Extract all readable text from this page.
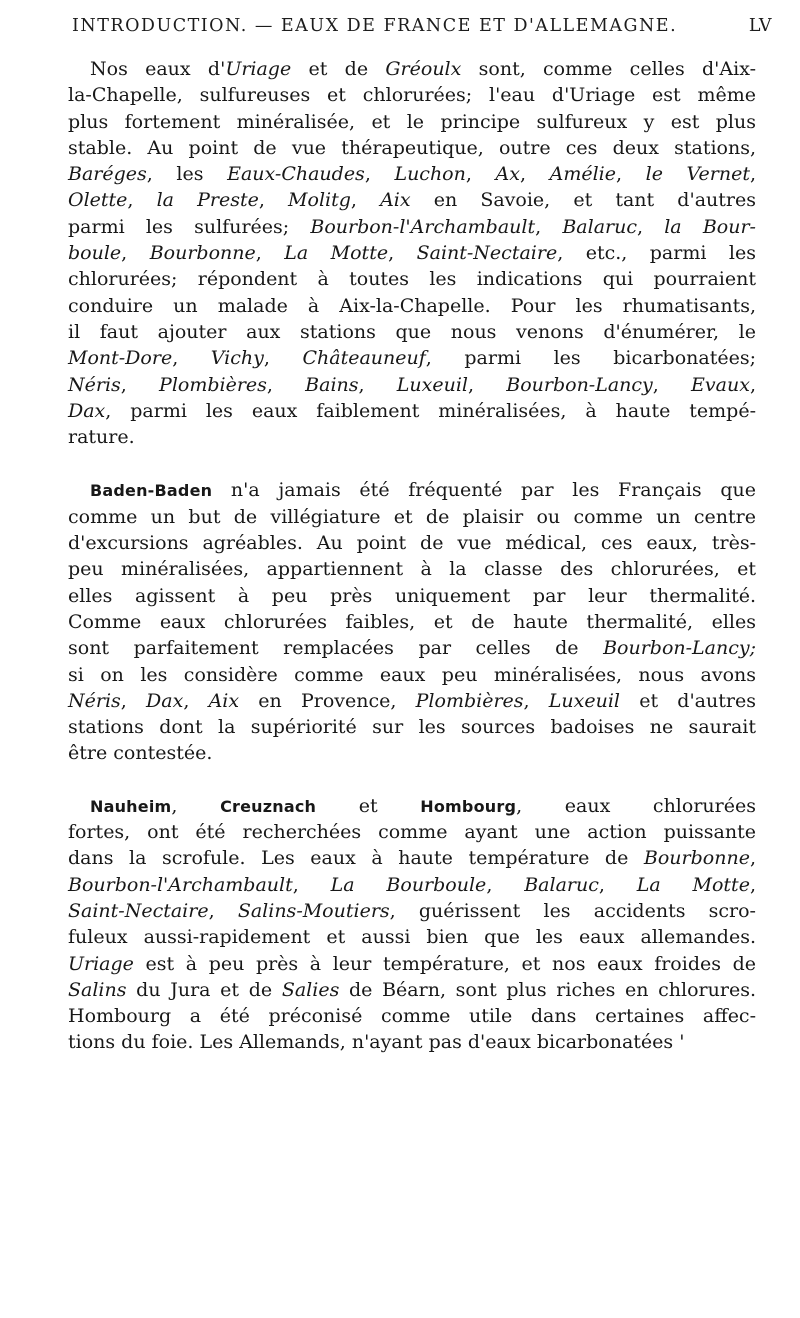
INTRODUCTION. — EAUX DE FRANCE ET D'ALLEMAGNE.	LV

Nos eaux d'Uriage et de Gréoulx sont, comme celles d'Aix-

la-Chapelle, sulfureuses et chlorurées; l'eau d'Uriage est même

plus fortement minéralisée, et le principe sulfureux y est plus

stable. Au point de vue thérapeutique, outre ces deux stations,

Baréges, les Eaux-Chaudes, Luchon, Ax, Amélie, le Vernet,

Olette, la Preste, Molitg, Aix en Savoie, et tant d'autres

parmi les sulfurées; Bourbon-l'Archambault, Balaruc, la Bour-

boule, Bourbonne, La Motte, Saint-Nectaire, etc., parmi les

chlorurées; répondent à toutes les indications qui pourraient

conduire un malade à Aix-la-Chapelle. Pour les rhumatisants,

il faut ajouter aux stations que nous venons d'énumérer, le

Mont-Dore, Vichy, Châteauneuf, parmi les bicarbonatées;

Néris, Plombières, Bains, Luxeuil, Bourbon-Lancy, Evaux,

Dax, parmi les eaux faiblement minéralisées, à haute tempé-

rature.

Baden-Baden n'a jamais été fréquenté par les Français que

comme un but de villégiature et de plaisir ou comme un centre

d'excursions agréables. Au point de vue médical, ces eaux, très-

peu minéralisées, appartiennent à la classe des chlorurées, et

elles agissent à peu près uniquement par leur thermalité.

Comme eaux chlorurées faibles, et de haute thermalité, elles

sont parfaitement remplacées par celles de Bourbon-Lancy;

si on les considère comme eaux peu minéralisées, nous avons

Néris, Dax, Aix en Provence, Plombières, Luxeuil et d'autres

stations dont la supériorité sur les sources badoises ne saurait

être contestée.

Nauheim, Creuznach et Hombourg, eaux chlorurées

fortes, ont été recherchées comme ayant une action puissante

dans la scrofule. Les eaux à haute température de Bourbonne,

Bourbon-l'Archambault, La Bourboule, Balaruc, La Motte,

Saint-Nectaire, Salins-Moutiers, guérissent les accidents scro-

fuleux aussi-rapidement et aussi bien que les eaux allemandes.

Uriage est à peu près à leur température, et nos eaux froides de

Salins du Jura et de Salies de Béarn, sont plus riches en chlorures.

Hombourg a été préconisé comme utile dans certaines affec-

tions du foie. Les Allemands, n'ayant pas d'eaux bicarbonatées '
